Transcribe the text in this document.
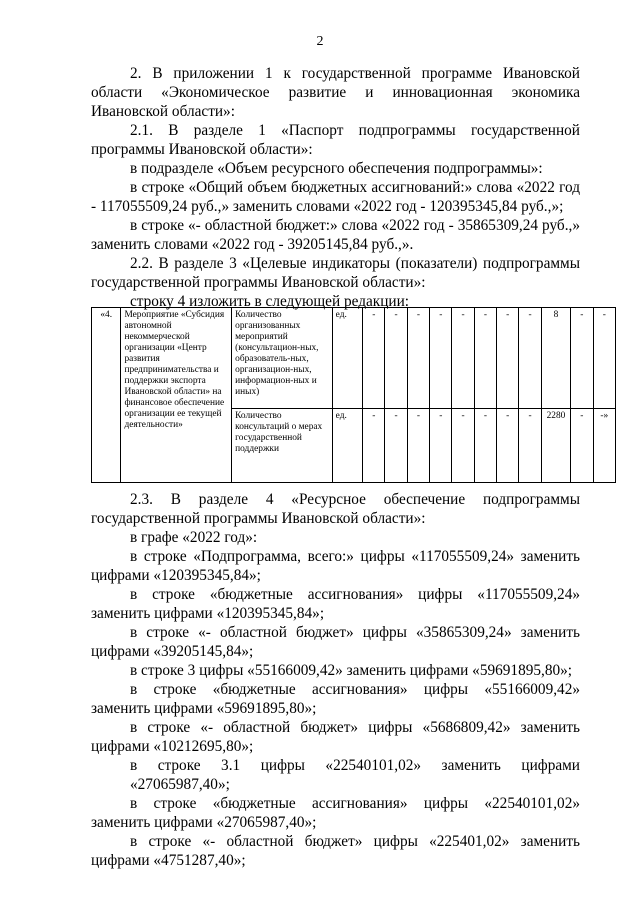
2

2. В приложении 1 к государственной программе Ивановской области «Экономическое развитие и инновационная экономика Ивановской области»:

2.1. В разделе 1 «Паспорт подпрограммы государственной программы Ивановской области»:

в подразделе «Объем ресурсного обеспечения подпрограммы»:

в строке «Общий объем бюджетных ассигнований:» слова «2022 год - 117055509,24 руб.,» заменить словами «2022 год - 120395345,84 руб.,»;

в строке «- областной бюджет:» слова «2022 год - 35865309,24 руб.,» заменить словами «2022 год - 39205145,84 руб.,».

2.2. В разделе 3 «Целевые индикаторы (показатели) подпрограммы государственной программы Ивановской области»:

строку 4 изложить в следующей редакции:

«4.	Мероприятие «Субсидия автономной некоммерческой организации «Центр развития предпринимательства и поддержки экспорта Ивановской области» на финансовое обеспечение организации ее текущей деятельности»	Количество организованных мероприятий (консультацион-ных, образователь-ных, организацион-ных, информацион-ных и иных)	ед.	-	-	-	-	-	-	-	-	8	-	-
		Количество консультаций о мерах государственной поддержки	ед.	-	-	-	-	-	-	-	-	2280	-	-»

2.3. В разделе 4 «Ресурсное обеспечение подпрограммы государственной программы Ивановской области»:

в графе «2022 год»:

в строке «Подпрограмма, всего:» цифры «117055509,24» заменить цифрами «120395345,84»;

в строке «бюджетные ассигнования» цифры «117055509,24» заменить цифрами «120395345,84»;

в строке «- областной бюджет» цифры «35865309,24» заменить цифрами «39205145,84»;

в строке 3 цифры «55166009,42» заменить цифрами «59691895,80»;

в строке «бюджетные ассигнования» цифры «55166009,42» заменить цифрами «59691895,80»;

в строке «- областной бюджет» цифры «5686809,42» заменить цифрами «10212695,80»;

в строке 3.1 цифры «22540101,02» заменить цифрами «27065987,40»;

в строке «бюджетные ассигнования» цифры «22540101,02» заменить цифрами «27065987,40»;

в строке «- областной бюджет» цифры «225401,02» заменить цифрами «4751287,40»;
